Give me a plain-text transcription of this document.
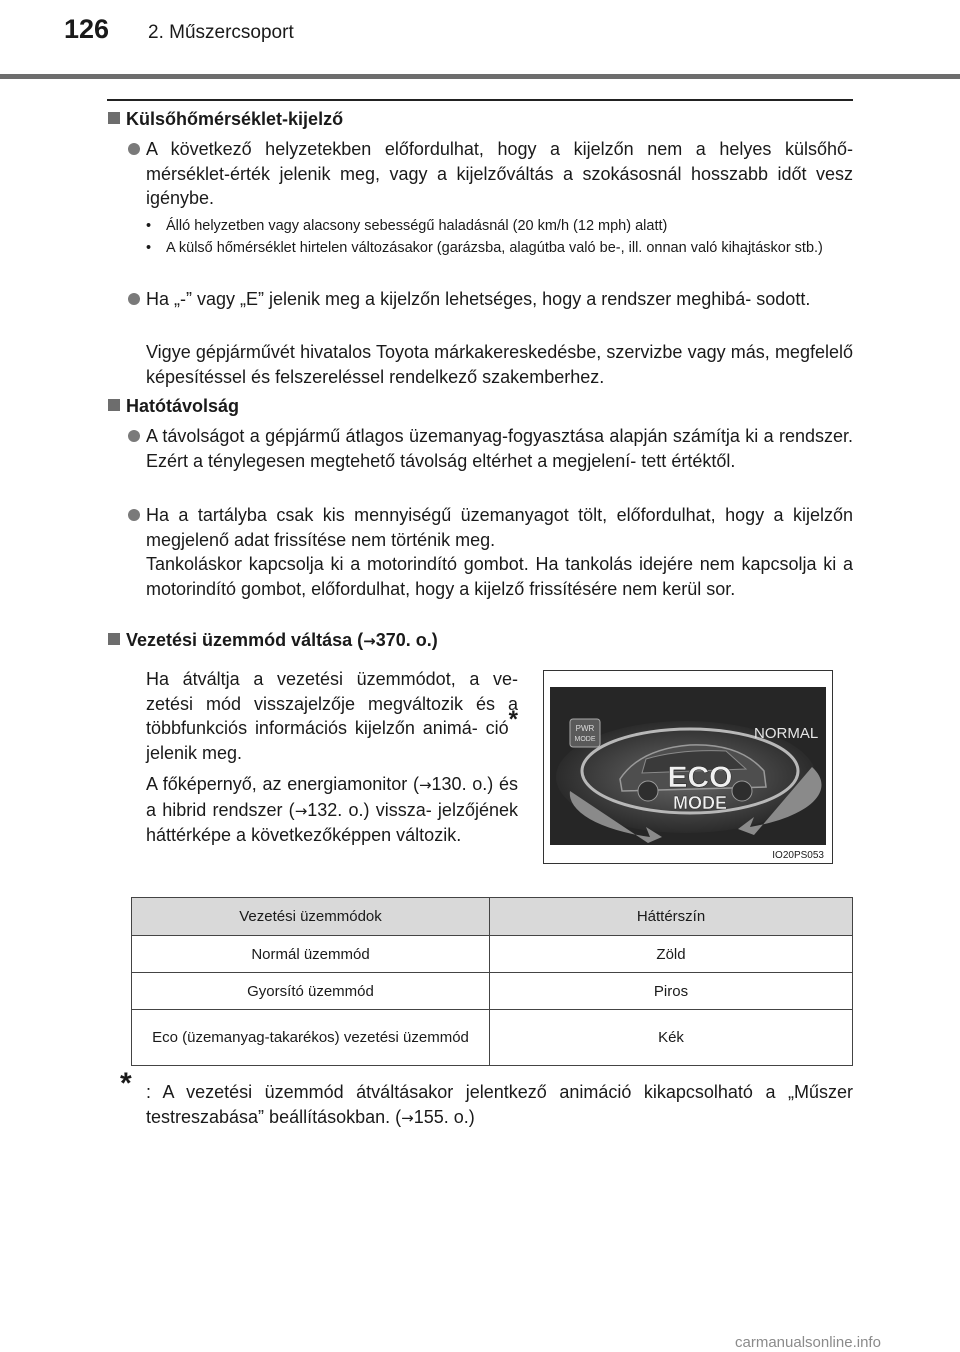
126 2. Műszercsoport
Külsőhőmérséklet-kijelző
A következő helyzetekben előfordulhat, hogy a kijelzőn nem a helyes külsőhő- mérséklet-érték jelenik meg, vagy a kijelzőváltás a szokásosnál hosszabb időt vesz igénybe.
•	Álló helyzetben vagy alacsony sebességű haladásnál (20 km/h (12 mph) alatt)
•	A külső hőmérséklet hirtelen változásakor (garázsba, alagútba való be-, ill. onnan való kihajtáskor stb.)
Ha „-” vagy „E” jelenik meg a kijelzőn lehetséges, hogy a rendszer meghibá- sodott.
Vigye gépjárművét hivatalos Toyota márkakereskedésbe, szervizbe vagy más, megfelelő képesítéssel és felszereléssel rendelkező szakemberhez.
Hatótávolság
A távolságot a gépjármű átlagos üzemanyag-fogyasztása alapján számítja ki a rendszer. Ezért a ténylegesen megtehető távolság eltérhet a megjelení- tett értéktől.
Ha a tartályba csak kis mennyiségű üzemanyagot tölt, előfordulhat, hogy a kijelzőn megjelenő adat frissítése nem történik meg.
Tankoláskor kapcsolja ki a motorindító gombot. Ha tankolás idejére nem kapcsolja ki a motorindító gombot, előfordulhat, hogy a kijelző frissítésére nem kerül sor.
Vezetési üzemmód váltása (→370. o.)
Ha átváltja a vezetési üzemmódot, a ve- zetési mód visszajelzője megváltozik és a többfunkciós információs kijelzőn animá- ció* jelenik meg.
A főképernyő, az energiamonitor (→130. o.) és a hibrid rendszer (→132. o.) vissza- jelzőjének háttérképe a következőképpen változik.
PWR
MODE	NORMAL
ECO
MODE
IO20PS053
Vezetési üzemmódok	Háttérszín
Normál üzemmód	Zöld
Gyorsító üzemmód	Piros
Eco (üzemanyag-takarékos) vezetési üzemmód	Kék
* : A vezetési üzemmód átváltásakor jelentkező animáció kikapcsolható a „Műszer testreszabása” beállításokban. (→155. o.)
carmanualsonline.info
